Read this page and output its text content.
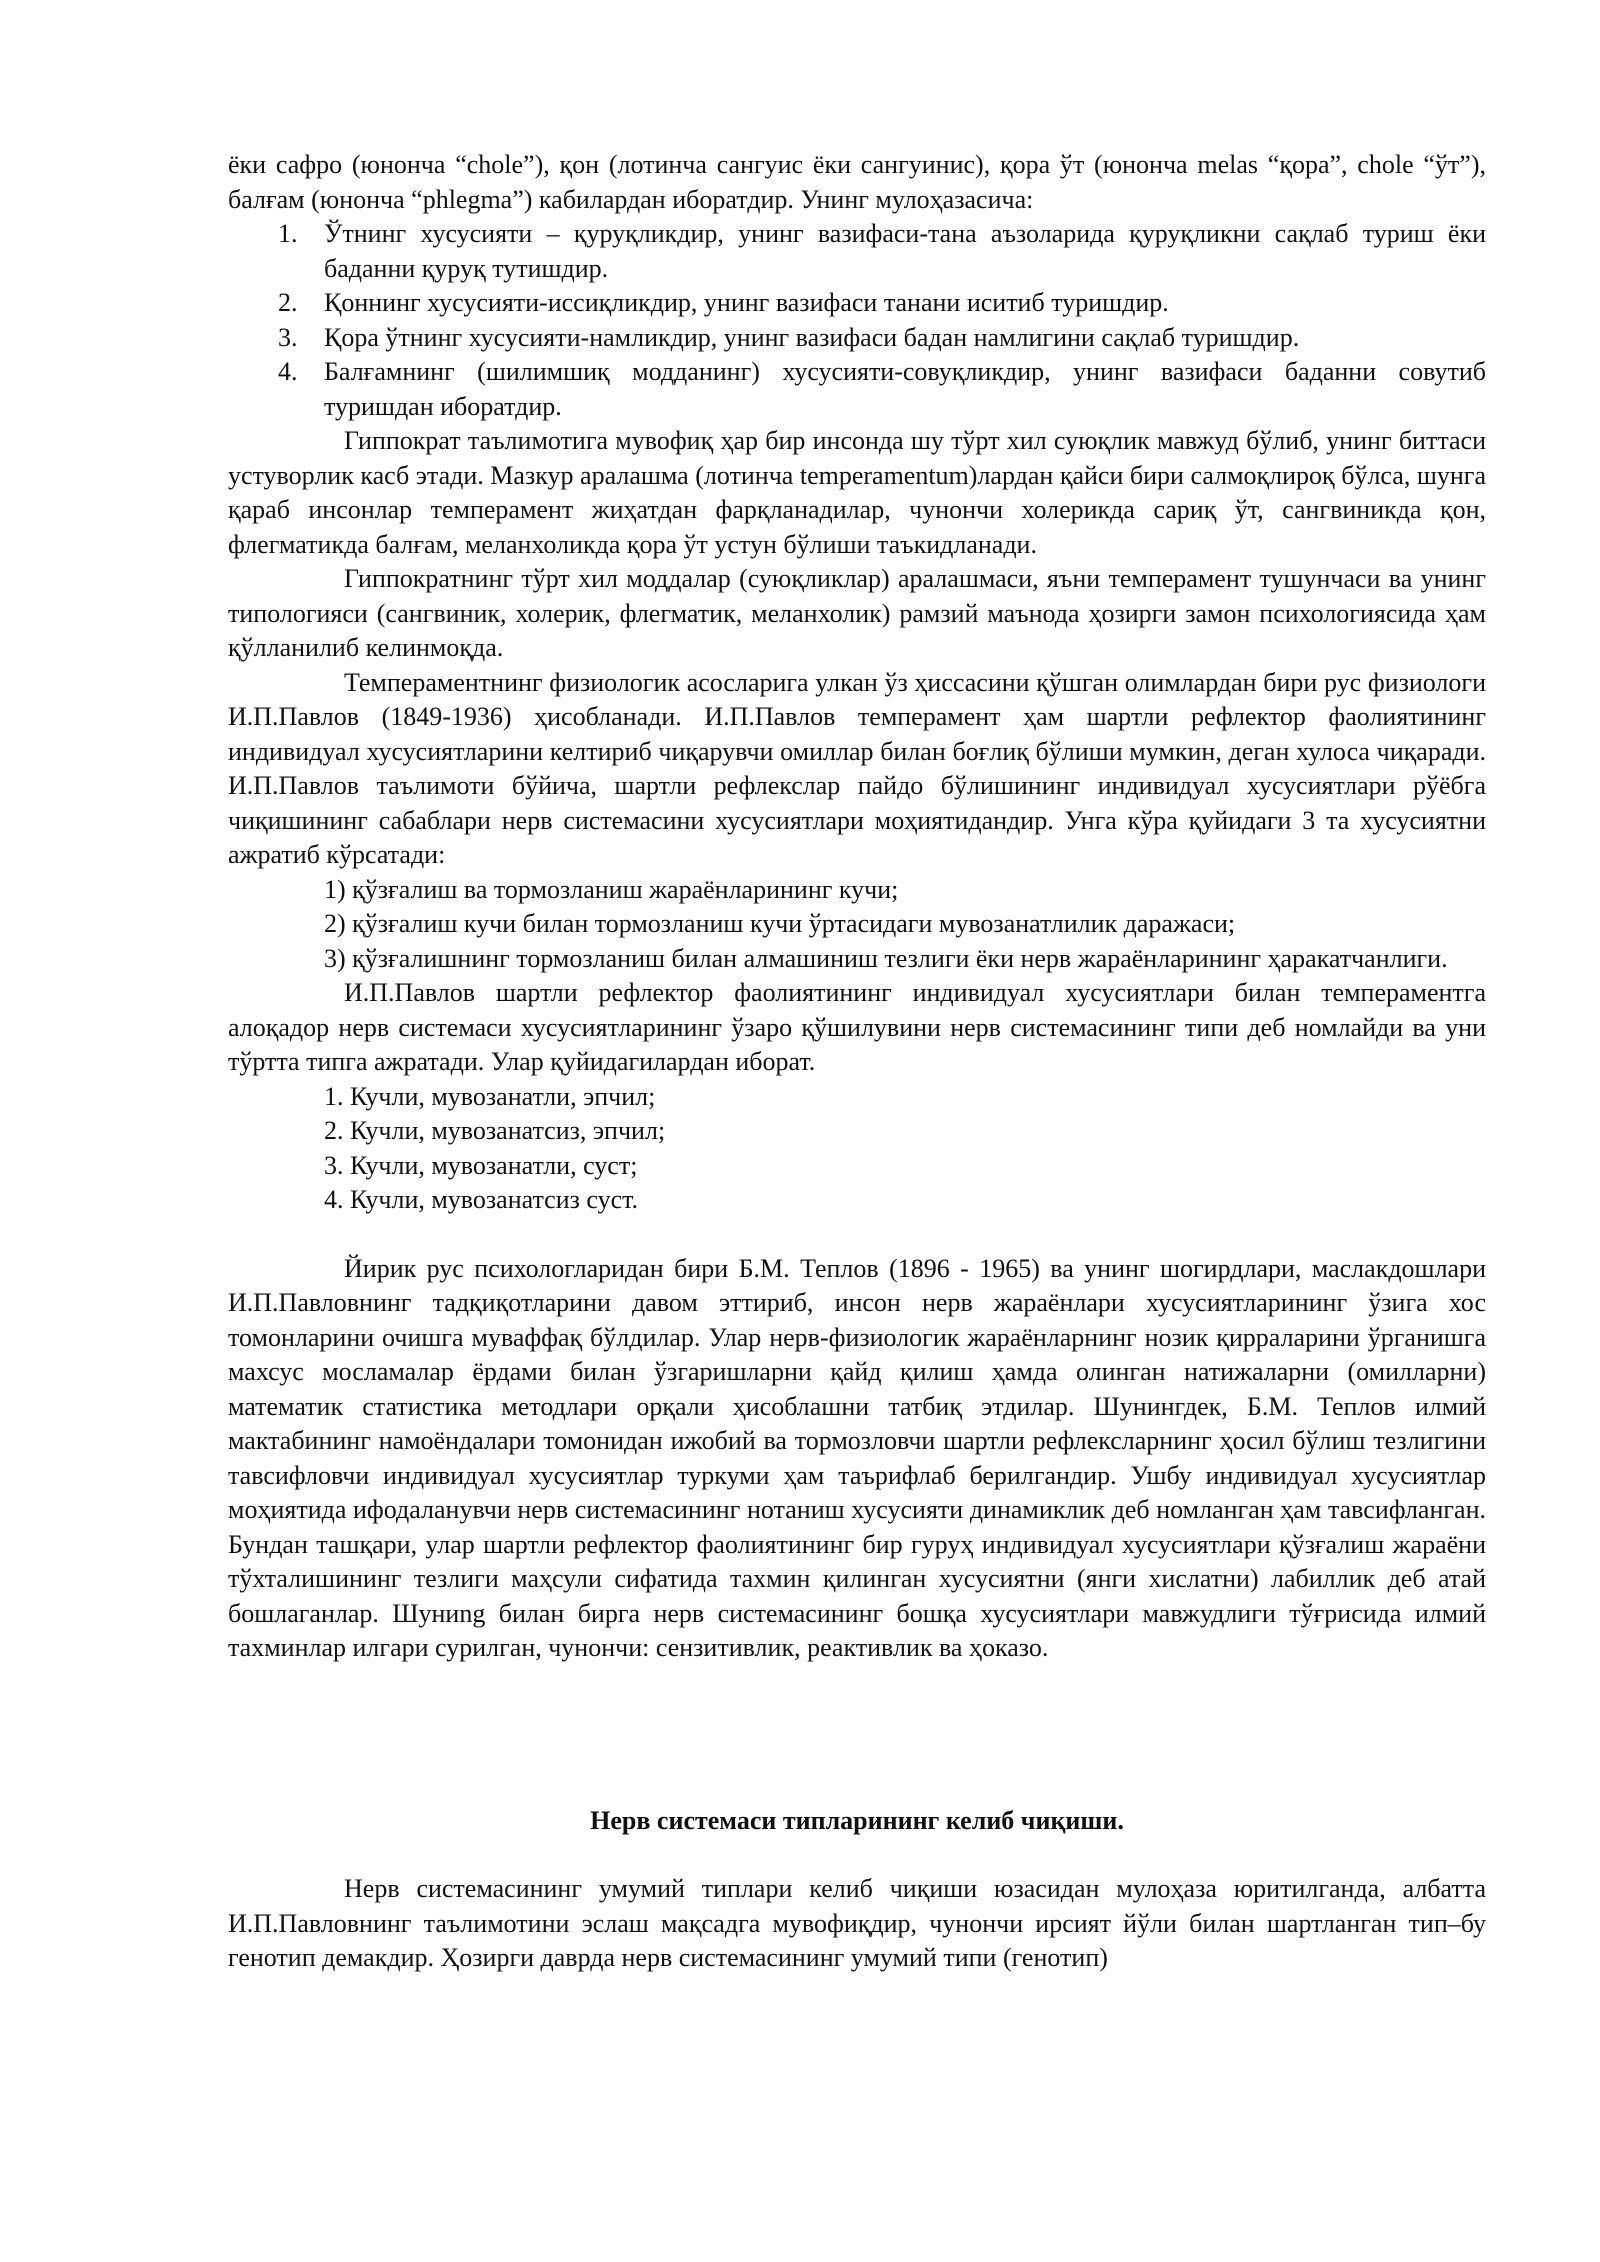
ёки сафро (юнонча “chole”), қон (лотинча сангуис ёки сангуинис), қора ўт (юнонча melas “қора”, chole “ўт”), балғам (юнонча “phlegma”) кабилардан иборатдир. Унинг мулоҳазасича:

1. Ўтнинг хусусияти – қуруқликдир, унинг вазифаси-тана аъзоларида қуруқликни сақлаб туриш ёки баданни қуруқ тутишдир.
2. Қоннинг хусусияти-иссиқликдир, унинг вазифаси танани иситиб туришдир.
3. Қора ўтнинг хусусияти-намликдир, унинг вазифаси бадан намлигини сақлаб туришдир.
4. Балғамнинг (шилимшиқ модданинг) хусусияти-совуқликдир, унинг вазифаси баданни совутиб туришдан иборатдир.

Гиппократ таълимотига мувофиқ ҳар бир инсонда шу тўрт хил суюқлик мавжуд бўлиб, унинг биттаси устуворлик касб этади. Мазкур аралашма (лотинча temperamentum)лардан қайси бири салмоқлироқ бўлса, шунга қараб инсонлар темперамент жиҳатдан фарқланадилар, чунончи холерикда сариқ ўт, сангвиникда қон, флегматикда балғам, меланхоликда қора ўт устун бўлиши таъкидланади.

Гиппократнинг тўрт хил моддалар (суюқликлар) аралашмаси, яъни темперамент тушунчаси ва унинг типологияси (сангвиник, холерик, флегматик, меланхолик) рамзий маънода ҳозирги замон психологиясида ҳам қўлланилиб келинмоқда.

Темпераментнинг физиологик асосларига улкан ўз ҳиссасини қўшган олимлардан бири рус физиологи И.П.Павлов (1849-1936) ҳисобланади. И.П.Павлов темперамент ҳам шартли рефлектор фаолиятининг индивидуал хусусиятларини келтириб чиқарувчи омиллар билан боғлиқ бўлиши мумкин, деган хулоса чиқаради. И.П.Павлов таълимоти бўйича, шартли рефлекслар пайдо бўлишининг индивидуал хусусиятлари рўёбга чиқишининг сабаблари нерв системасини хусусиятлари моҳиятидандир. Унга кўра қуйидаги 3 та хусусиятни ажратиб кўрсатади:

1) қўзғалиш ва тормозланиш жараёнларининг кучи;
2) қўзғалиш кучи билан тормозланиш кучи ўртасидаги мувозанатлилик даражаси;
3) қўзғалишнинг тормозланиш билан алмашиниш тезлиги ёки нерв жараёнларининг ҳаракатчанлиги.

И.П.Павлов шартли рефлектор фаолиятининг индивидуал хусусиятлари билан темпераментга алоқадор нерв системаси хусусиятларининг ўзаро қўшилувини нерв системасининг типи деб номлайди ва уни тўртта типга ажратади. Улар қуйидагилардан иборат.

1. Кучли, мувозанатли, эпчил;
2. Кучли, мувозанатсиз, эпчил;
3. Кучли, мувозанатли, суст;
4. Кучли, мувозанатсиз суст.

Йирик рус психологларидан бири Б.М. Теплов (1896 - 1965) ва унинг шогирдлари, маслакдошлари И.П.Павловнинг тадқиқотларини давом эттириб, инсон нерв жараёнлари хусусиятларининг ўзига хос томонларини очишга муваффақ бўлдилар. Улар нерв-физиологик жараёнларнинг нозик қирраларини ўрганишга махсус мосламалар ёрдами билан ўзгаришларни қайд қилиш ҳамда олинган натижаларни (омилларни) математик статистика методлари орқали ҳисоблашни татбиқ этдилар. Шунингдек, Б.М. Теплов илмий мактабининг намоёндалари томонидан ижобий ва тормозловчи шартли рефлексларнинг ҳосил бўлиш тезлигини тавсифловчи индивидуал хусусиятлар туркуми ҳам таърифлаб берилгандир. Ушбу индивидуал хусусиятлар моҳиятида ифодаланувчи нерв системасининг нотаниш хусусияти динамиклик деб номланган ҳам тавсифланган. Бундан ташқари, улар шартли рефлектор фаолиятининг бир гуруҳ индивидуал хусусиятлари қўзғалиш жараёни тўхталишининг тезлиги маҳсули сифатида тахмин қилинган хусусиятни (янги хислатни) лабиллик деб атай бошлаганлар. Шуниng билан бирга нерв системасининг бошқа хусусиятлари мавжудлиги тўғрисида илмий тахминлар илгари сурилган, чунончи: сензитивлик, реактивлик ва ҳоказо.

Нерв системаси типларининг келиб чиқиши.

Нерв системасининг умумий типлари келиб чиқиши юзасидан мулоҳаза юритилганда, албатта И.П.Павловнинг таълимотини эслаш мақсадга мувофиқдир, чунончи ирсият йўли билан шартланган тип–бу генотип демакдир. Ҳозирги даврда нерв системасининг умумий типи (генотип)
